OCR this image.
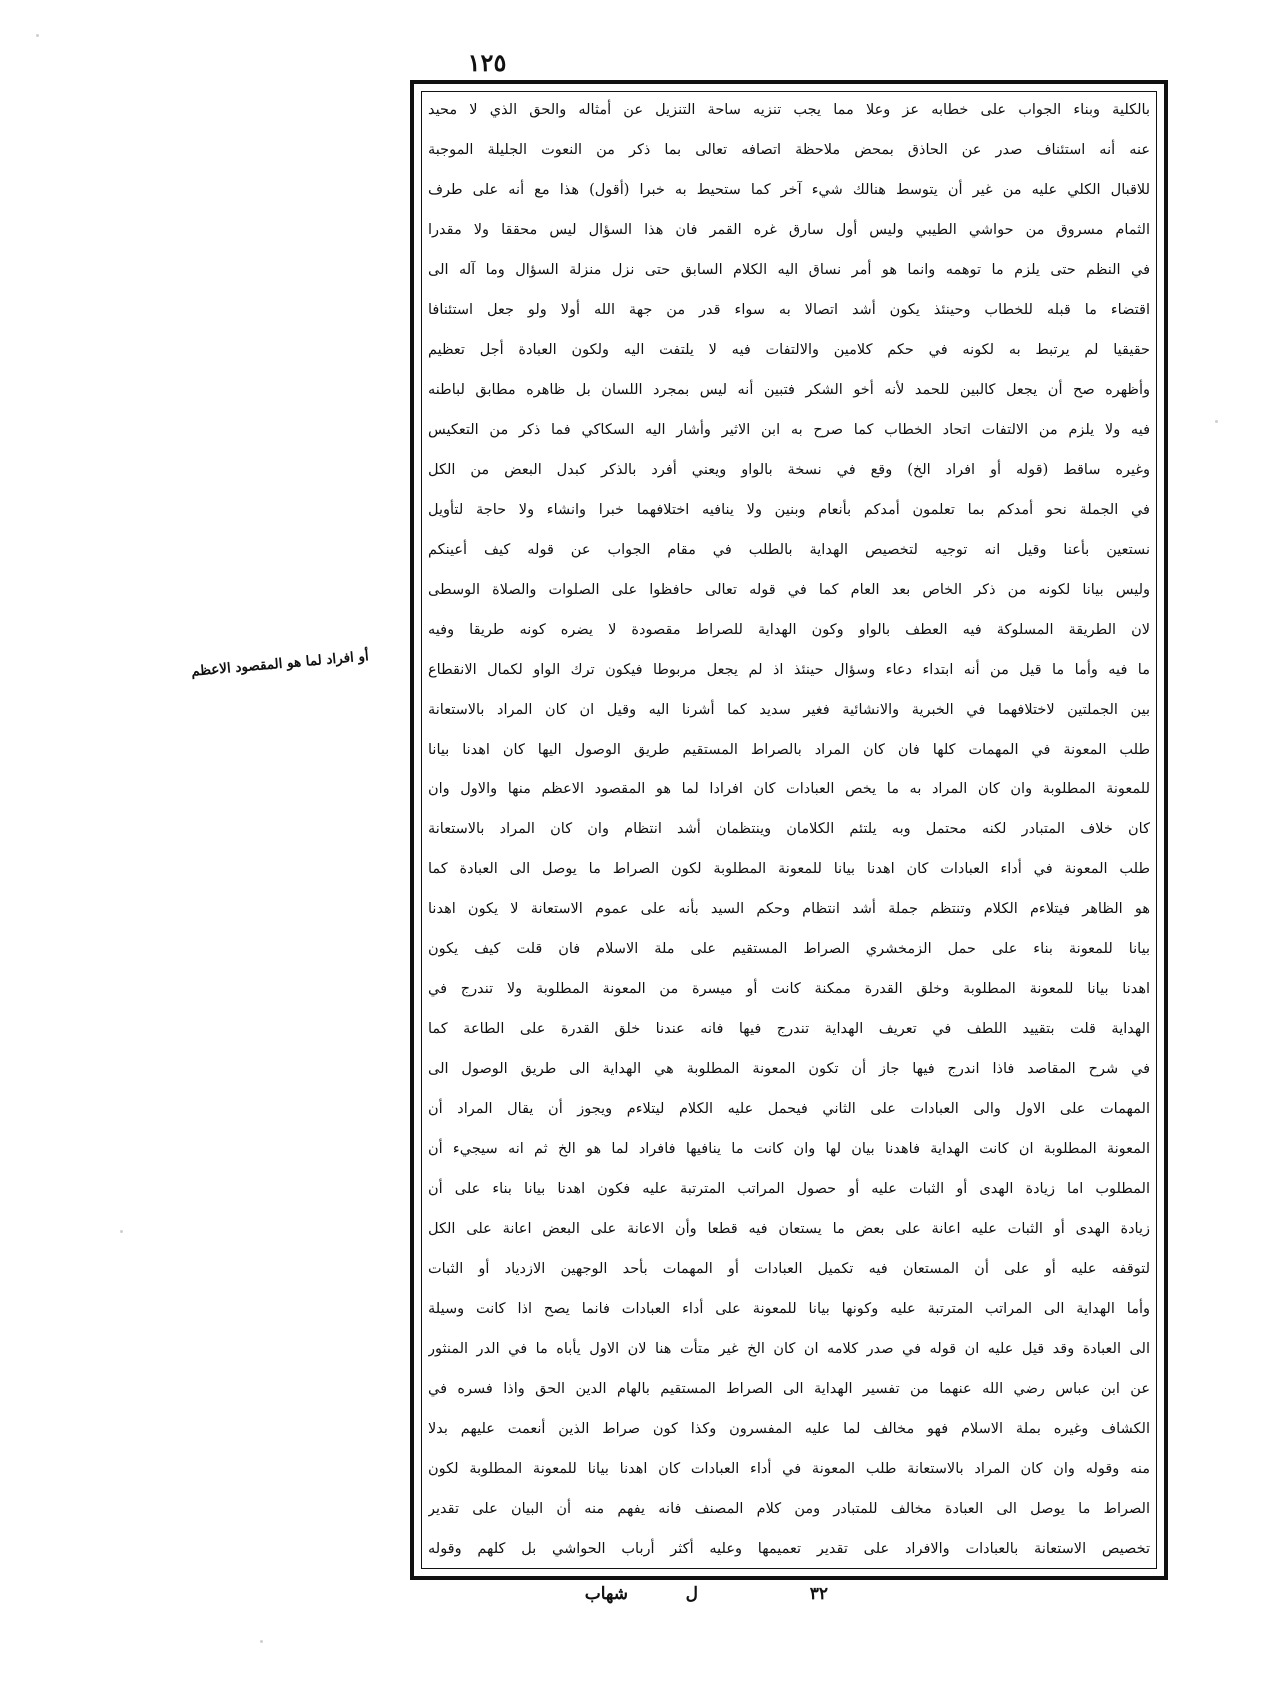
١٢٥
أو افراد لما هو المقصود الاعظم
بالكلية وبناء الجواب على خطابه عز وعلا مما يجب تنزيه ساحة التنزيل عن أمثاله والحق الذي لا محيد
عنه أنه استئناف صدر عن الحاذق بمحض ملاحظة اتصافه تعالى بما ذكر من النعوت الجليلة الموجبة
للاقبال الكلي عليه من غير أن يتوسط هنالك شيء آخر كما ستحيط به خبرا (أقول) هذا مع أنه على طرف
الثمام مسروق من حواشي الطيبي وليس أول سارق غره القمر فان هذا السؤال ليس محققا ولا مقدرا
في النظم حتى يلزم ما توهمه وانما هو أمر نساق اليه الكلام السابق حتى نزل منزلة السؤال وما آله الى
اقتضاء ما قبله للخطاب وحينئذ يكون أشد اتصالا به سواء قدر من جهة الله أولا ولو جعل استئنافا
حقيقيا لم يرتبط به لكونه في حكم كلامين والالتفات فيه لا يلتفت اليه ولكون العبادة أجل تعظيم
وأظهره صح أن يجعل كالبين للحمد لأنه أخو الشكر فتبين أنه ليس بمجرد اللسان بل ظاهره مطابق لباطنه
فيه ولا يلزم من الالتفات اتحاد الخطاب كما صرح به ابن الاثير وأشار اليه السكاكي فما ذكر من التعكيس
وغيره ساقط (قوله أو افراد الخ) وقع في نسخة بالواو ويعني أفرد بالذكر كبدل البعض من الكل
في الجملة نحو أمدكم بما تعلمون أمدكم بأنعام وبنين ولا ينافيه اختلافهما خبرا وانشاء ولا حاجة لتأويل
نستعين بأعنا وقيل انه توجيه لتخصيص الهداية بالطلب في مقام الجواب عن قوله كيف أعينكم
وليس بيانا لكونه من ذكر الخاص بعد العام كما في قوله تعالى حافظوا على الصلوات والصلاة الوسطى
لان الطريقة المسلوكة فيه العطف بالواو وكون الهداية للصراط مقصودة لا يضره كونه طريقا وفيه
ما فيه وأما ما قيل من أنه ابتداء دعاء وسؤال حينئذ اذ لم يجعل مربوطا فيكون ترك الواو لكمال الانقطاع
بين الجملتين لاختلافهما في الخبرية والانشائية فغير سديد كما أشرنا اليه وقيل ان كان المراد بالاستعانة
طلب المعونة في المهمات كلها فان كان المراد بالصراط المستقيم طريق الوصول اليها كان اهدنا بيانا
للمعونة المطلوبة وان كان المراد به ما يخص العبادات كان افرادا لما هو المقصود الاعظم منها والاول وان
كان خلاف المتبادر لكنه محتمل وبه يلتئم الكلامان وينتظمان أشد انتظام وان كان المراد بالاستعانة
طلب المعونة في أداء العبادات كان اهدنا بيانا للمعونة المطلوبة لكون الصراط ما يوصل الى العبادة كما
هو الظاهر فيتلاءم الكلام وتنتظم جملة أشد انتظام وحكم السيد بأنه على عموم الاستعانة لا يكون اهدنا
بيانا للمعونة بناء على حمل الزمخشري الصراط المستقيم على ملة الاسلام فان قلت كيف يكون
اهدنا بيانا للمعونة المطلوبة وخلق القدرة ممكنة كانت أو ميسرة من المعونة المطلوبة ولا تندرج في
الهداية قلت بتقييد اللطف في تعريف الهداية تندرج فيها فانه عندنا خلق القدرة على الطاعة كما
في شرح المقاصد فاذا اندرج فيها جاز أن تكون المعونة المطلوبة هي الهداية الى طريق الوصول الى
المهمات على الاول والى العبادات على الثاني فيحمل عليه الكلام ليتلاءم ويجوز أن يقال المراد أن
المعونة المطلوبة ان كانت الهداية فاهدنا بيان لها وان كانت ما ينافيها فافراد لما هو الخ ثم انه سيجيء أن
المطلوب اما زيادة الهدى أو الثبات عليه أو حصول المراتب المترتبة عليه فكون اهدنا بيانا بناء على أن
زيادة الهدى أو الثبات عليه اعانة على بعض ما يستعان فيه قطعا وأن الاعانة على البعض اعانة على الكل
لتوقفه عليه أو على أن المستعان فيه تكميل العبادات أو المهمات بأحد الوجهين الازدياد أو الثبات
وأما الهداية الى المراتب المترتبة عليه وكونها بيانا للمعونة على أداء العبادات فانما يصح اذا كانت وسيلة
الى العبادة وقد قيل عليه ان قوله في صدر كلامه ان كان الخ غير متأت هنا لان الاول يأباه ما في الدر المنثور
عن ابن عباس رضي الله عنهما من تفسير الهداية الى الصراط المستقيم بالهام الدين الحق واذا فسره في
الكشاف وغيره بملة الاسلام فهو مخالف لما عليه المفسرون وكذا كون صراط الذين أنعمت عليهم بدلا
منه وقوله وان كان المراد بالاستعانة طلب المعونة في أداء العبادات كان اهدنا بيانا للمعونة المطلوبة لكون
الصراط ما يوصل الى العبادة مخالف للمتبادر ومن كلام المصنف فانه يفهم منه أن البيان على تقدير
تخصيص الاستعانة بالعبادات والافراد على تقدير تعميمها وعليه أكثر أرباب الحواشي بل كلهم وقوله
٣٢
ل
شهاب
